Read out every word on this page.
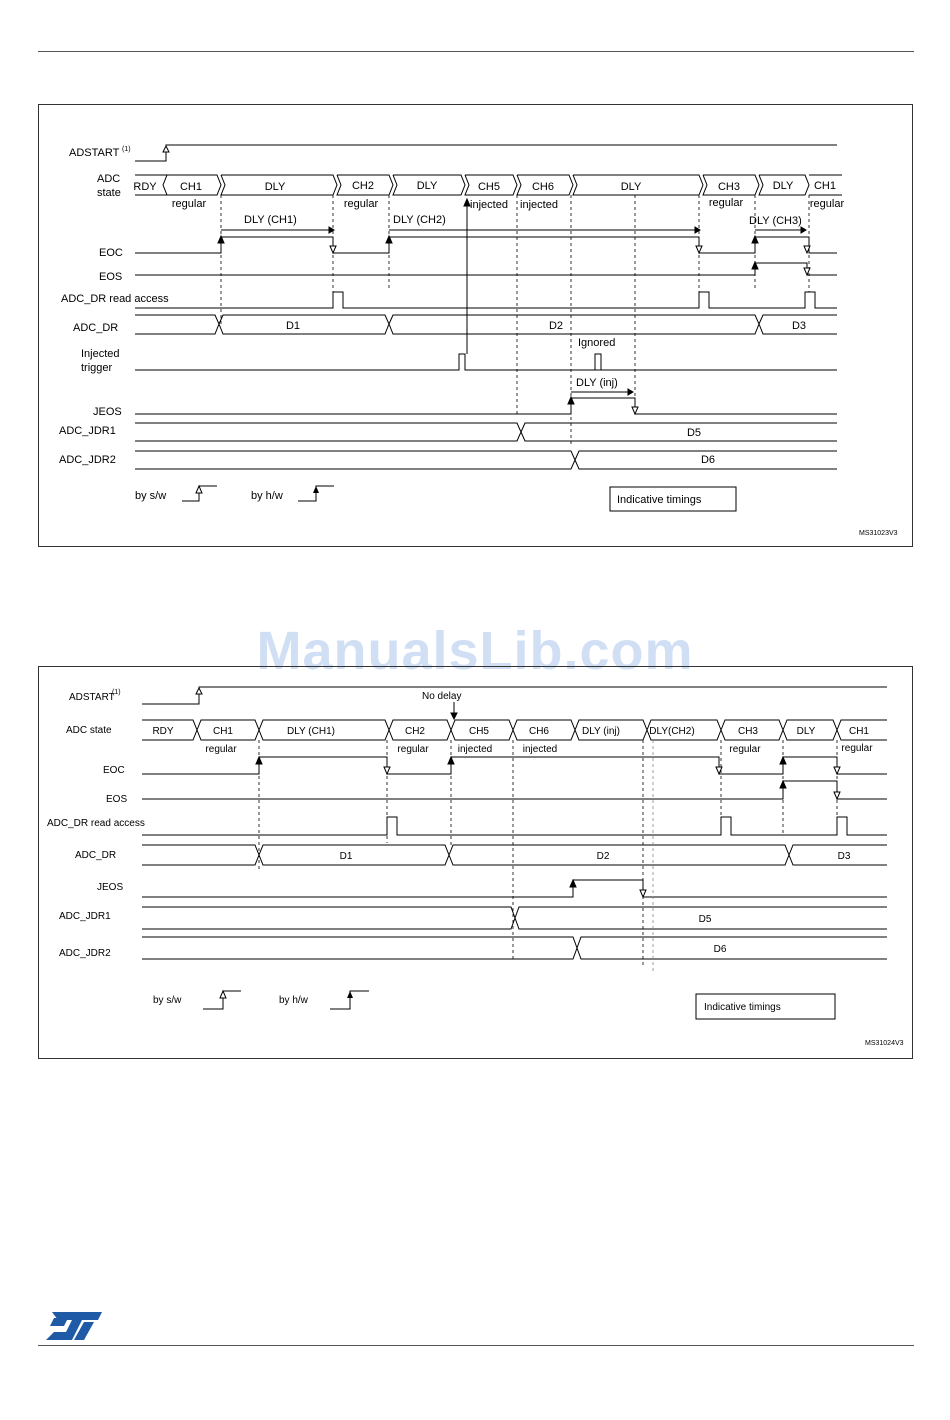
ADSTART (1)
ADC
state
EOC
EOS
ADC_DR read access
ADC_DR
Injected
trigger
JEOS
ADC_JDR1
ADC_JDR2
RDY CH1	DLY	CH2	DLY	CH5	CH6	DLY	CH3	DLY CH1
regular	regular	injected injected	regular	regular
DLY (CH1)	DLY (CH2)	DLY (CH3)
Ignored
DLY (inj)
D1	D2	D3
D5
D6
by s/w	by h/w	Indicative timings
MS31023V3
ManualsLib.com
ADSTART
(1)
ADC state
EOC
EOS
ADC_DR read access
ADC_DR
JEOS
ADC_JDR1
ADC_JDR2
RDY	CH1	DLY (CH1)	CH2	CH5	CH6	DLY (inj)	DLY(CH2)	CH3	DLY	CH1
regular	regular	injected	injected	regular	regular
No delay
D1	D2	D3
D5
D6
by s/w	by h/w
Indicative timings
MS31024V3
